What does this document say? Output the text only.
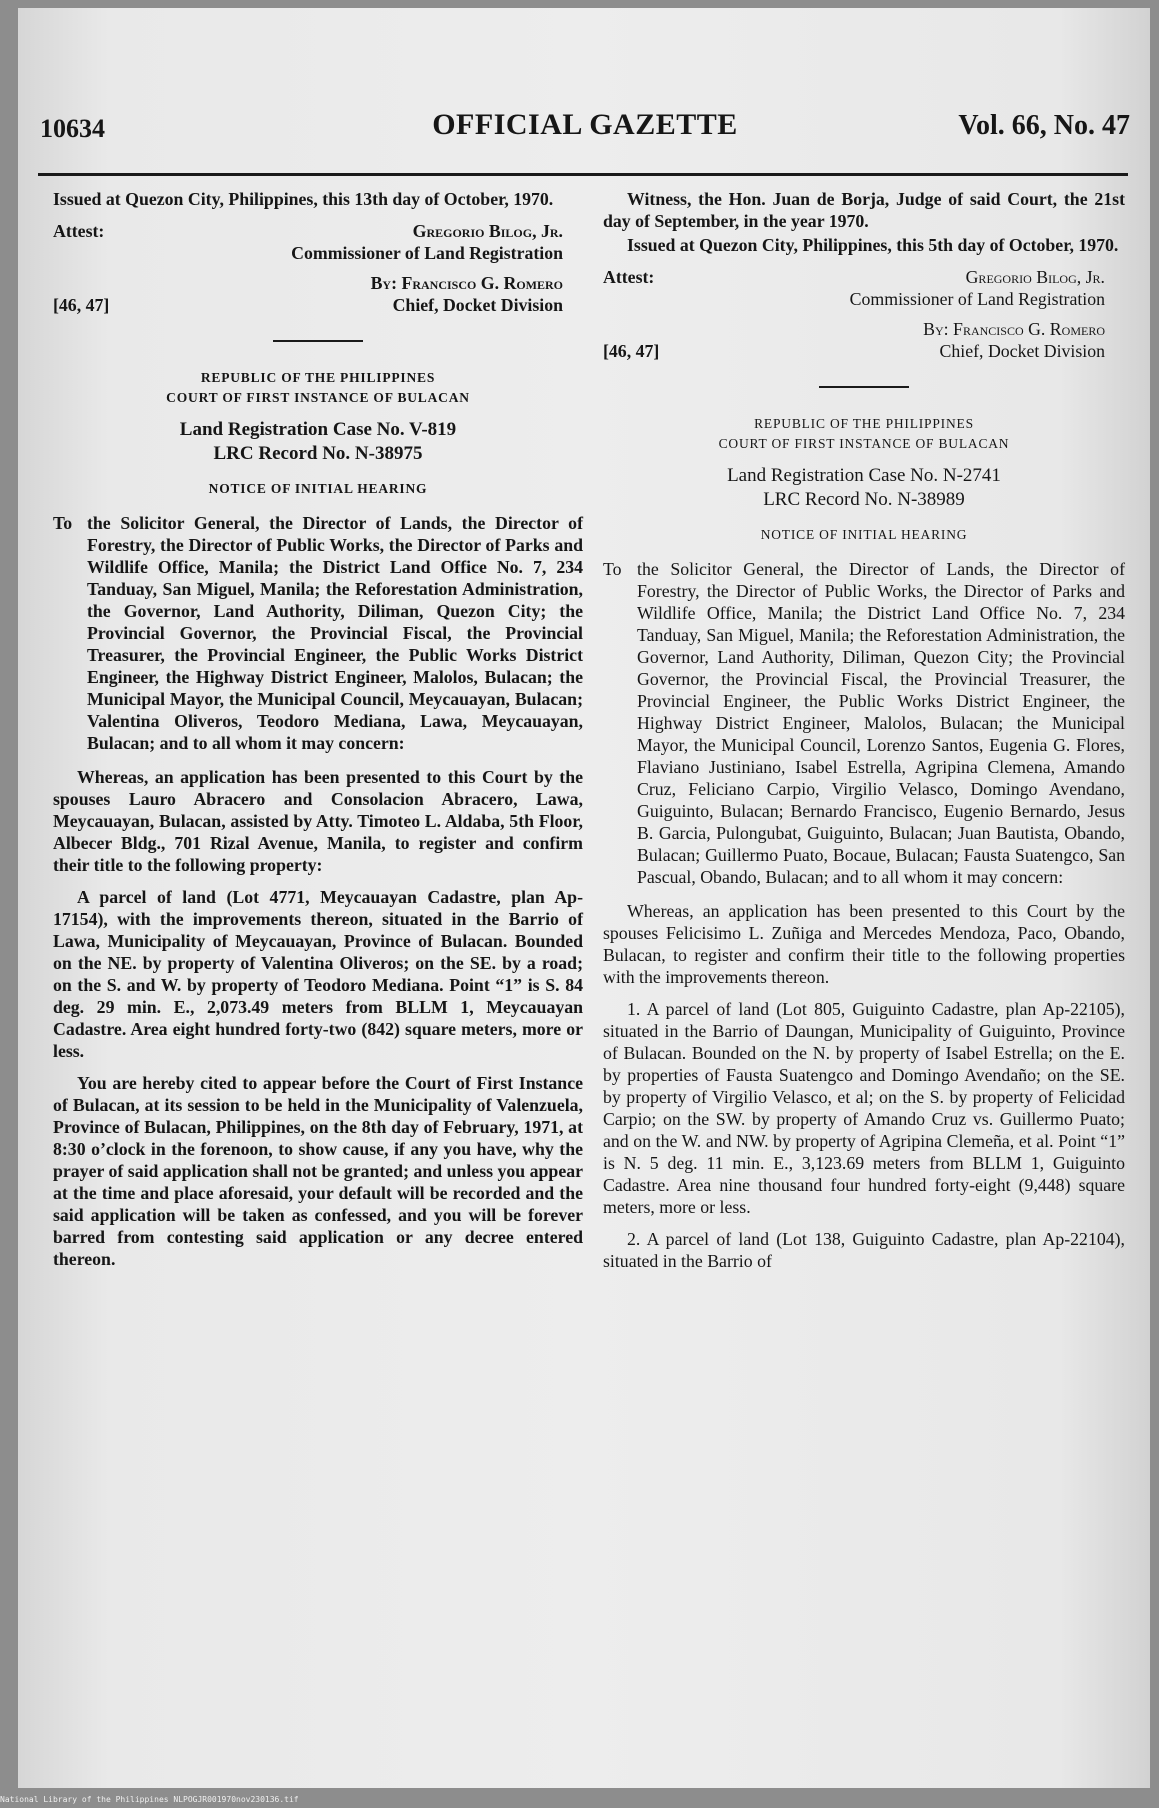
10634	OFFICIAL GAZETTE	Vol. 66, No. 47

Issued at Quezon City, Philippines, this 13th day of October, 1970.

Attest:	Gregorio Bilog, Jr.
Commissioner of Land Registration
By: Francisco G. Romero
Chief, Docket Division
[46, 47]
REPUBLIC OF THE PHILIPPINES
COURT OF FIRST INSTANCE OF BULACAN
Land Registration Case No. V-819
LRC Record No. N-38975
NOTICE OF INITIAL HEARING
To the Solicitor General, the Director of Lands, the Director of Forestry, the Director of Public Works, the Director of Parks and Wildlife Office, Manila; the District Land Office No. 7, 234 Tanduay, San Miguel, Manila; the Reforestation Administration, the Governor, Land Authority, Diliman, Quezon City; the Provincial Governor, the Provincial Fiscal, the Provincial Treasurer, the Provincial Engineer, the Public Works District Engineer, the Highway District Engineer, Malolos, Bulacan; the Municipal Mayor, the Municipal Council, Meycauayan, Bulacan; Valentina Oliveros, Teodoro Mediana, Lawa, Meycauayan, Bulacan; and to all whom it may concern:

Whereas, an application has been presented to this Court by the spouses Lauro Abracero and Consolacion Abracero, Lawa, Meycauayan, Bulacan, assisted by Atty. Timoteo L. Aldaba, 5th Floor, Albecer Bldg., 701 Rizal Avenue, Manila, to register and confirm their title to the following property:

A parcel of land (Lot 4771, Meycauayan Cadastre, plan Ap-17154), with the improvements thereon, situated in the Barrio of Lawa, Municipality of Meycauayan, Province of Bulacan. Bounded on the NE. by property of Valentina Oliveros; on the SE. by a road; on the S. and W. by property of Teodoro Mediana. Point “1” is S. 84 deg. 29 min. E., 2,073.49 meters from BLLM 1, Meycauayan Cadastre. Area eight hundred forty-two (842) square meters, more or less.

You are hereby cited to appear before the Court of First Instance of Bulacan, at its session to be held in the Municipality of Valenzuela, Province of Bulacan, Philippines, on the 8th day of February, 1971, at 8:30 o’clock in the forenoon, to show cause, if any you have, why the prayer of said application shall not be granted; and unless you appear at the time and place aforesaid, your default will be recorded and the said application will be taken as confessed, and you will be forever barred from contesting said application or any decree entered thereon.

Witness, the Hon. Juan de Borja, Judge of said Court, the 21st day of September, in the year 1970.

Issued at Quezon City, Philippines, this 5th day of October, 1970.

Attest:	Gregorio Bilog, Jr.
Commissioner of Land Registration
By: Francisco G. Romero
Chief, Docket Division
[46, 47]
REPUBLIC OF THE PHILIPPINES
COURT OF FIRST INSTANCE OF BULACAN
Land Registration Case No. N-2741
LRC Record No. N-38989
NOTICE OF INITIAL HEARING
To the Solicitor General, the Director of Lands, the Director of Forestry, the Director of Public Works, the Director of Parks and Wildlife Office, Manila; the District Land Office No. 7, 234 Tanduay, San Miguel, Manila; the Reforestation Administration, the Governor, Land Authority, Diliman, Quezon City; the Provincial Governor, the Provincial Fiscal, the Provincial Treasurer, the Provincial Engineer, the Public Works District Engineer, the Highway District Engineer, Malolos, Bulacan; the Municipal Mayor, the Municipal Council, Lorenzo Santos, Eugenia G. Flores, Flaviano Justiniano, Isabel Estrella, Agripina Clemena, Amando Cruz, Feliciano Carpio, Virgilio Velasco, Domingo Avendano, Guiguinto, Bulacan; Bernardo Francisco, Eugenio Bernardo, Jesus B. Garcia, Pulongubat, Guiguinto, Bulacan; Juan Bautista, Obando, Bulacan; Guillermo Puato, Bocaue, Bulacan; Fausta Suatengco, San Pascual, Obando, Bulacan; and to all whom it may concern:

Whereas, an application has been presented to this Court by the spouses Felicisimo L. Zuñiga and Mercedes Mendoza, Paco, Obando, Bulacan, to register and confirm their title to the following properties with the improvements thereon.

1. A parcel of land (Lot 805, Guiguinto Cadastre, plan Ap-22105), situated in the Barrio of Daungan, Municipality of Guiguinto, Province of Bulacan. Bounded on the N. by property of Isabel Estrella; on the E. by properties of Fausta Suatengco and Domingo Avendaño; on the SE. by property of Virgilio Velasco, et al; on the S. by property of Felicidad Carpio; on the SW. by property of Amando Cruz vs. Guillermo Puato; and on the W. and NW. by property of Agripina Clemeña, et al. Point “1” is N. 5 deg. 11 min. E., 3,123.69 meters from BLLM 1, Guiguinto Cadastre. Area nine thousand four hundred forty-eight (9,448) square meters, more or less.

2. A parcel of land (Lot 138, Guiguinto Cadastre, plan Ap-22104), situated in the Barrio of

National Library of the Philippines NLPOGJR001970nov230136.tif
